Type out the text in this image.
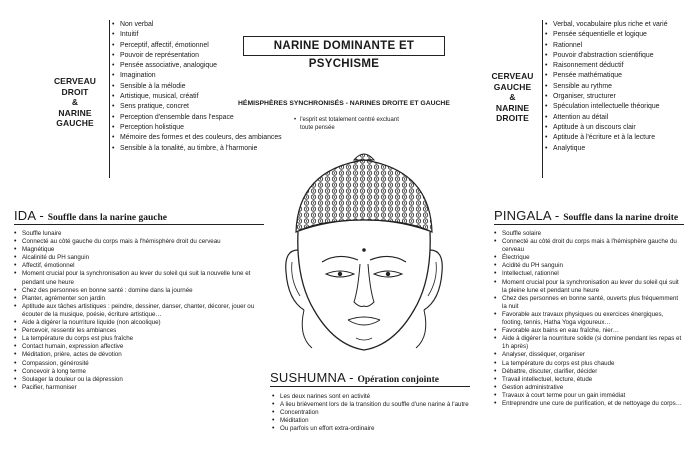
CERVEAU
DROIT
&
NARINE
GAUCHE
• Non verbal
• Intuitif
• Perceptif, affectif, émotionnel
• Pouvoir de représentation
• Pensée associative, analogique
• Imagination
• Sensible à la mélodie
• Artistique, musical, créatif
• Sens pratique, concret
• Perception d'ensemble dans l'espace
• Perception holistique
• Mémoire des formes et des couleurs, des ambiances
• Sensible à la tonalité, au timbre, à l'harmonie
NARINE DOMINANTE ET PSYCHISME
HÉMISPHÈRES SYNCHRONISÉS - NARINES DROITE ET GAUCHE
• l'esprit est totalement centré excluant toute pensée
CERVEAU
GAUCHE
&
NARINE
DROITE
• Verbal, vocabulaire plus riche et varié
• Pensée séquentielle et logique
• Rationnel
• Pouvoir d'abstraction scientifique
• Raisonnement déductif
• Pensée mathématique
• Sensible au rythme
• Organiser, structurer
• Spéculation intellectuelle théorique
• Attention au détail
• Aptitude à un discours clair
• Aptitude à l'écriture et à la lecture
• Analytique
IDA - Souffle dans la narine gauche
• Souffle lunaire
• Connecté au côté gauche du corps mais à l'hémisphère droit du cerveau
• Magnétique
• Alcalinité du PH sanguin
• Affectif, émotionnel
• Moment crucial pour la synchronisation au lever du soleil qui suit la nouvelle lune et pendant une heure
• Chez des personnes en bonne santé : domine dans la journée
• Planter, agrémenter son jardin
• Aptitude aux tâches artistiques : peindre, dessiner, danser, chanter, décorer, jouer ou écouter de la musique, poésie, écriture artistique…
• Aide à digérer la nourriture liquide (non alcoolique)
• Percevoir, ressentir les ambiances
• La température du corps est plus fraîche
• Contact humain, expression affective
• Méditation, prière, actes de dévotion
• Compassion, générosité
• Concevoir à long terme
• Soulager la douleur ou la dépression
• Pacifier, harmoniser
PINGALA - Souffle dans la narine droite
• Souffle solaire
• Connecté au côté droit du corps mais à l'hémisphère gauche du cerveau
• Électrique
• Acidité du PH sanguin
• Intellectuel, rationnel
• Moment crucial pour la synchronisation au lever du soleil qui suit la pleine lune et pendant une heure
• Chez des personnes en bonne santé, ouverts plus fréquemment la nuit
• Favorable aux travaux physiques ou exercices énergiques, footing, tennis, Hatha Yoga vigoureux…
• Favorable aux bains en eau fraîche, nier…
• Aide à digérer la nourriture solide (si domine pendant les repas et 1h après)
• Analyser, disséquer, organiser
• La température du corps est plus chaude
• Débattre, discuter, clarifier, décider
• Travail intellectuel, lecture, étude
• Gestion administrative
• Travaux à court terme pour un gain immédiat
• Entreprendre une cure de purification, et de nettoyage du corps…
SUSHUMNA - Opération conjointe
• Les deux narines sont en activité
• A lieu brièvement lors de la transition du souffle d'une narine à l'autre
• Concentration
• Méditation
• Ou parfois un effort extra-ordinaire
